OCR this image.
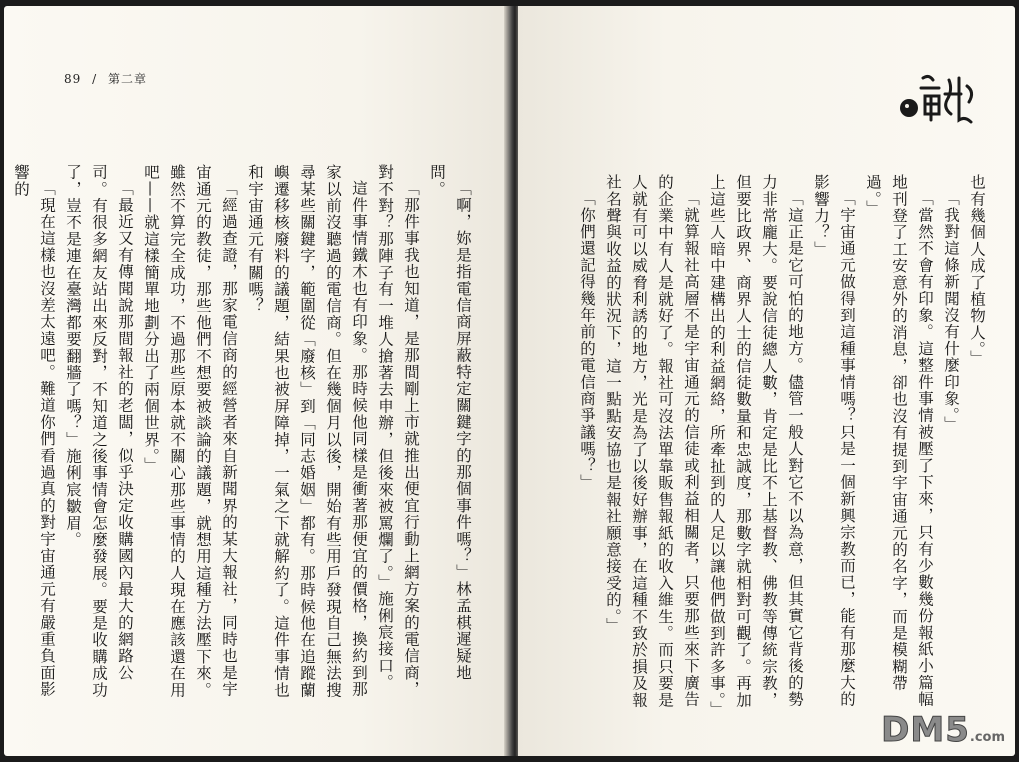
89 / 第二章

「啊，妳是指電信商屏蔽特定關鍵字的那個事件嗎？」林孟棋遲疑地問。

「那件事我也知道，是那間剛上市就推出便宜行動上網方案的電信商，對不對？那陣子有一堆人搶著去申辦，但後來被罵爛了。」施俐宸接口。

這件事情鐵木也有印象。那時候他同樣是衝著那便宜的價格，換約到那家以前沒聽過的電信商。但在幾個月以後，開始有些用戶發現自己無法搜尋某些關鍵字，範圍從「廢核」到「同志婚姻」都有。那時候他在追蹤蘭嶼遷移核廢料的議題，結果也被屏障掉，一氣之下就解約了。這件事情也和宇宙通元有關嗎？

「經過查證，那家電信商的經營者來自新聞界的某大報社，同時也是宇宙通元的教徒，那些他們不想要被談論的議題，就想用這種方法壓下來。雖然不算完全成功，不過那些原本就不關心那些事情的人現在應該還在用吧——就這樣簡單地劃分出了兩個世界。」

「最近又有傳聞說那間報社的老闆，似乎決定收購國內最大的網路公司。有很多網友站出來反對，不知道之後事情會怎麼發展。要是收購成功了，豈不是連在臺灣都要翻牆了嗎？」施俐宸皺眉。

「現在這樣也沒差太遠吧。難道你們看過真的對宇宙通元有嚴重負面影響的	也有幾個人成了植物人。」

「我對這條新聞沒有什麼印象。」

「當然不會有印象。這整件事情被壓了下來，只有少數幾份報紙小篇幅地刊登了工安意外的消息，卻也沒有提到宇宙通元的名字，而是模糊帶過。」

「宇宙通元做得到這種事情嗎？只是一個新興宗教而已，能有那麼大的影響力？」

「這正是它可怕的地方。儘管一般人對它不以為意，但其實它背後的勢力非常龐大。要說信徒總人數，肯定是比不上基督教、佛教等傳統宗教，但要比政界、商界人士的信徒數量和忠誠度，那數字就相對可觀了。再加上這些人暗中建構出的利益網絡，所牽扯到的人足以讓他們做到許多事。」

「就算報社高層不是宇宙通元的信徒或利益相關者，只要那些來下廣告的企業中有人是就好了。報社可沒法單靠販售報紙的收入維生。而只要是人就有可以威脅利誘的地方，光是為了以後好辦事，在這種不致於損及報社名聲與收益的狀況下，這一點點安協也是報社願意接受的。」

「你們還記得幾年前的電信商爭議嗎？」

DM5.com
